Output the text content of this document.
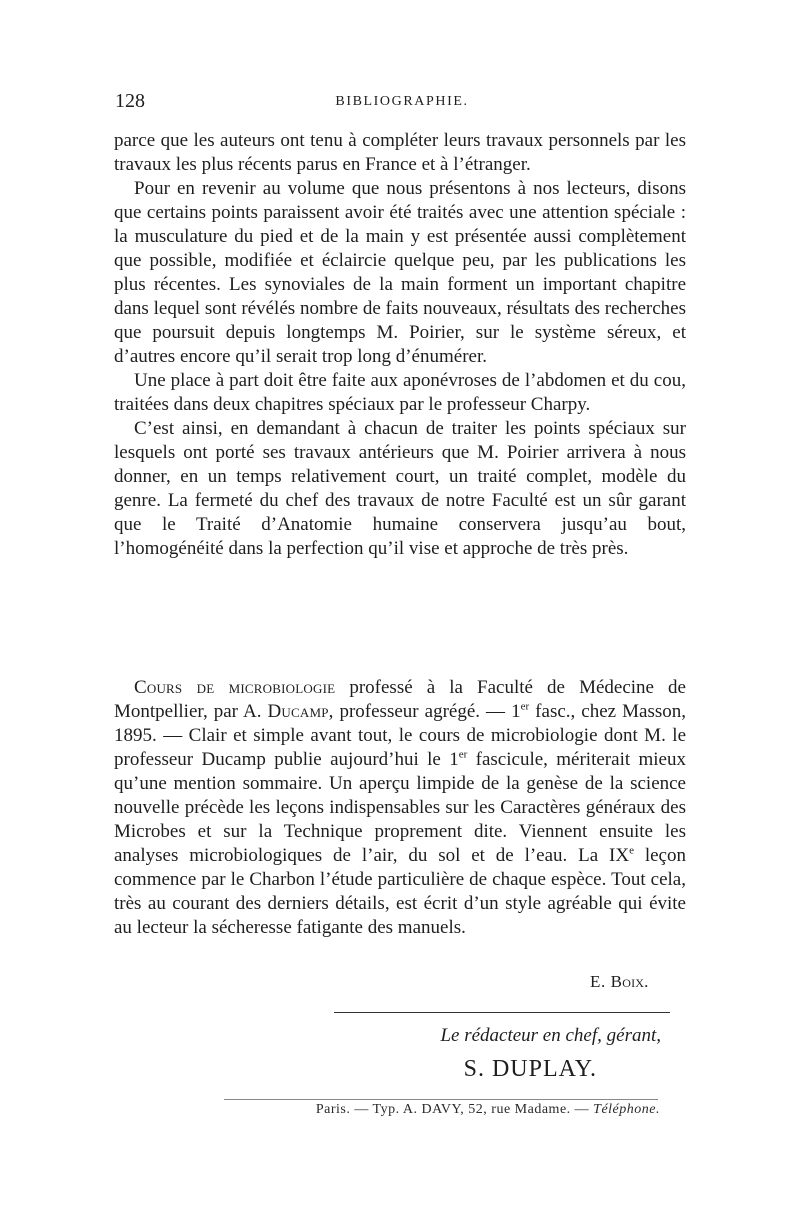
128	BIBLIOGRAPHIE.

parce que les auteurs ont tenu à compléter leurs travaux personnels par les travaux les plus récents parus en France et à l’étranger.

Pour en revenir au volume que nous présentons à nos lecteurs, disons que certains points paraissent avoir été traités avec une attention spéciale : la musculature du pied et de la main y est présentée aussi complètement que possible, modifiée et éclaircie quelque peu, par les publications les plus récentes. Les synoviales de la main forment un important chapitre dans lequel sont révélés nombre de faits nouveaux, résultats des recherches que poursuit depuis longtemps M. Poirier, sur le système séreux, et d’autres encore qu’il serait trop long d’énumérer.

Une place à part doit être faite aux aponévroses de l’abdomen et du cou, traitées dans deux chapitres spéciaux par le professeur Charpy.

C’est ainsi, en demandant à chacun de traiter les points spéciaux sur lesquels ont porté ses travaux antérieurs que M. Poirier arrivera à nous donner, en un temps relativement court, un traité complet, modèle du genre. La fermeté du chef des travaux de notre Faculté est un sûr garant que le Traité d’Anatomie humaine conservera jusqu’au bout, l’homogénéité dans la perfection qu’il vise et approche de très près.

Cours de microbiologie professé à la Faculté de Médecine de Montpellier, par A. Ducamp, professeur agrégé. — 1er fasc., chez Masson, 1895. — Clair et simple avant tout, le cours de microbiologie dont M. le professeur Ducamp publie aujourd’hui le 1er fascicule, mériterait mieux qu’une mention sommaire. Un aperçu limpide de la genèse de la science nouvelle précède les leçons indispensables sur les Caractères généraux des Microbes et sur la Technique proprement dite. Viennent ensuite les analyses microbiologiques de l’air, du sol et de l’eau. La IXe leçon commence par le Charbon l’étude particulière de chaque espèce. Tout cela, très au courant des derniers détails, est écrit d’un style agréable qui évite au lecteur la sécheresse fatigante des manuels.

E. Boix.
Le rédacteur en chef, gérant,
S. DUPLAY.
Paris. — Typ. A. DAVY, 52, rue Madame. — Téléphone.
